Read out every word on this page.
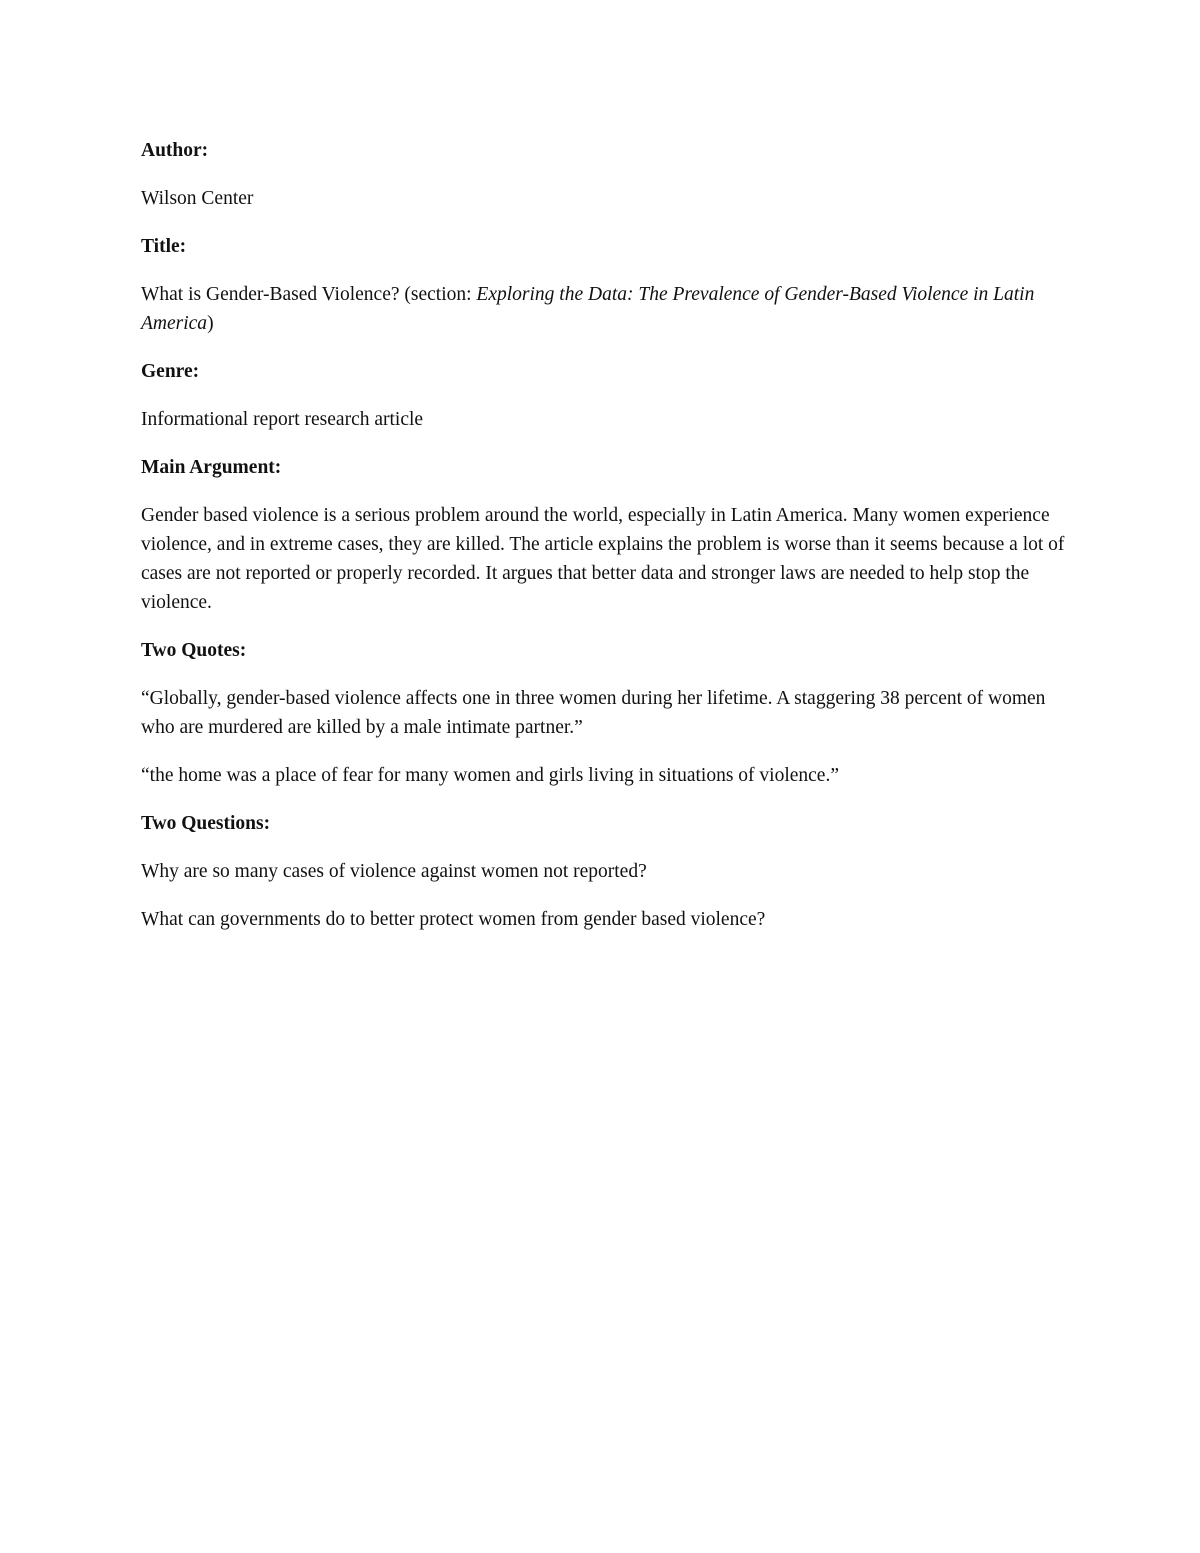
Author:

Wilson Center

Title:

What is Gender-Based Violence? (section: Exploring the Data: The Prevalence of Gender-Based Violence in Latin America)

Genre:

Informational report research article

Main Argument:

Gender based violence is a serious problem around the world, especially in Latin America. Many women experience violence, and in extreme cases, they are killed. The article explains the problem is worse than it seems because a lot of cases are not reported or properly recorded. It argues that better data and stronger laws are needed to help stop the violence.

Two Quotes:

“Globally, gender-based violence affects one in three women during her lifetime. A staggering 38 percent of women who are murdered are killed by a male intimate partner.”

“the home was a place of fear for many women and girls living in situations of violence.”

Two Questions:

Why are so many cases of violence against women not reported?

What can governments do to better protect women from gender based violence?
